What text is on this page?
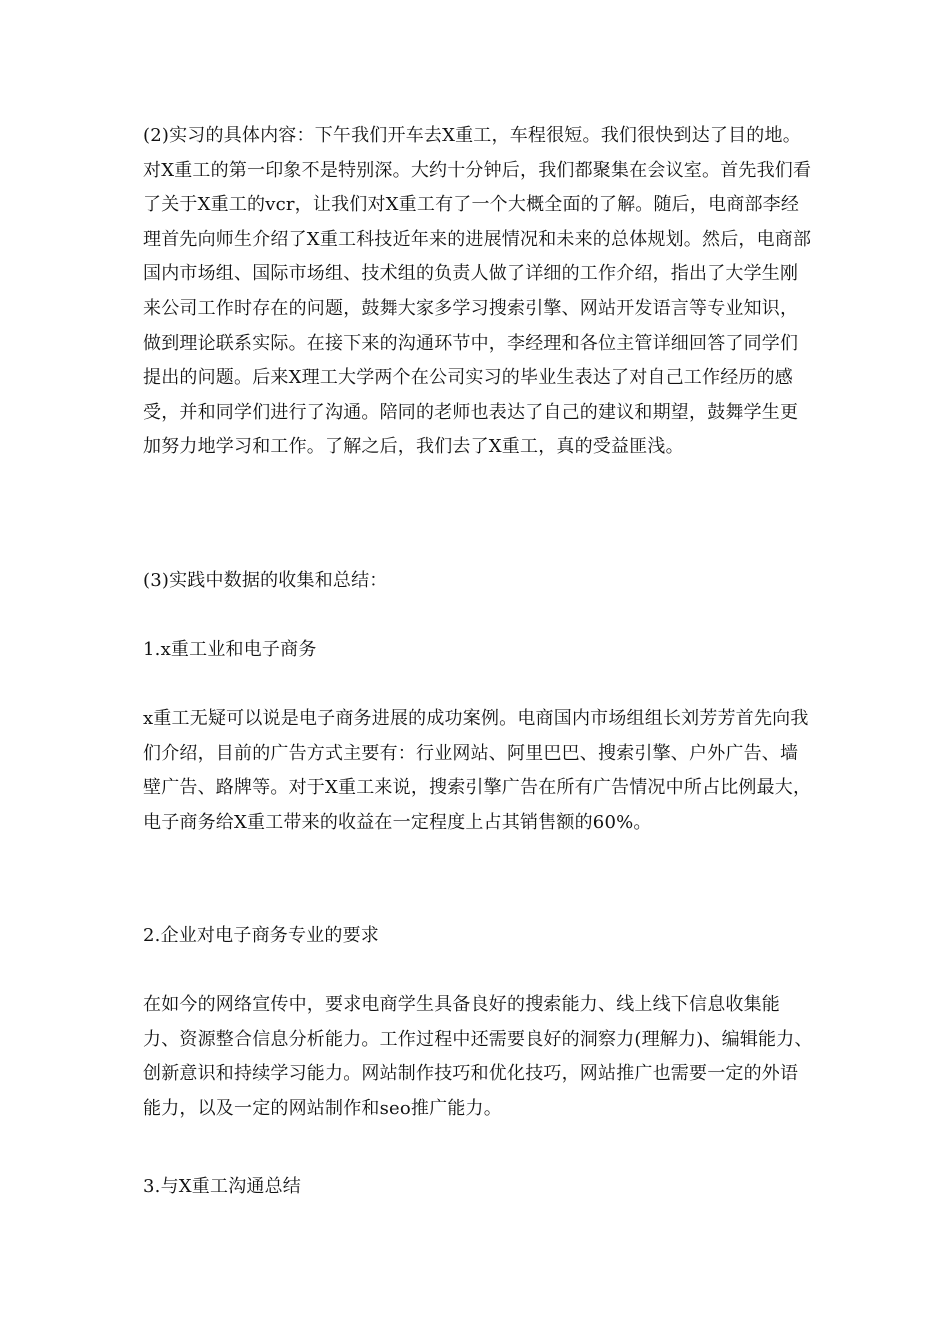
(2)实习的具体内容：下午我们开车去X重工，车程很短。我们很快到达了目的地。对X重工的第一印象不是特别深。大约十分钟后，我们都聚集在会议室。首先我们看了关于X重工的vcr，让我们对X重工有了一个大概全面的了解。随后，电商部李经理首先向师生介绍了X重工科技近年来的进展情况和未来的总体规划。然后，电商部国内市场组、国际市场组、技术组的负责人做了详细的工作介绍，指出了大学生刚来公司工作时存在的问题，鼓舞大家多学习搜索引擎、网站开发语言等专业知识，做到理论联系实际。在接下来的沟通环节中，李经理和各位主管详细回答了同学们提出的问题。后来X理工大学两个在公司实习的毕业生表达了对自己工作经历的感受，并和同学们进行了沟通。陪同的老师也表达了自己的建议和期望，鼓舞学生更加努力地学习和工作。了解之后，我们去了X重工，真的受益匪浅。

(3)实践中数据的收集和总结：

1.x重工业和电子商务

x重工无疑可以说是电子商务进展的成功案例。电商国内市场组组长刘芳芳首先向我们介绍，目前的广告方式主要有：行业网站、阿里巴巴、搜索引擎、户外广告、墙壁广告、路牌等。对于X重工来说，搜索引擎广告在所有广告情况中所占比例最大，电子商务给X重工带来的收益在一定程度上占其销售额的60%。

2.企业对电子商务专业的要求

在如今的网络宣传中，要求电商学生具备良好的搜索能力、线上线下信息收集能力、资源整合信息分析能力。工作过程中还需要良好的洞察力(理解力)、编辑能力、创新意识和持续学习能力。网站制作技巧和优化技巧，网站推广也需要一定的外语能力，以及一定的网站制作和seo推广能力。

3.与X重工沟通总结
